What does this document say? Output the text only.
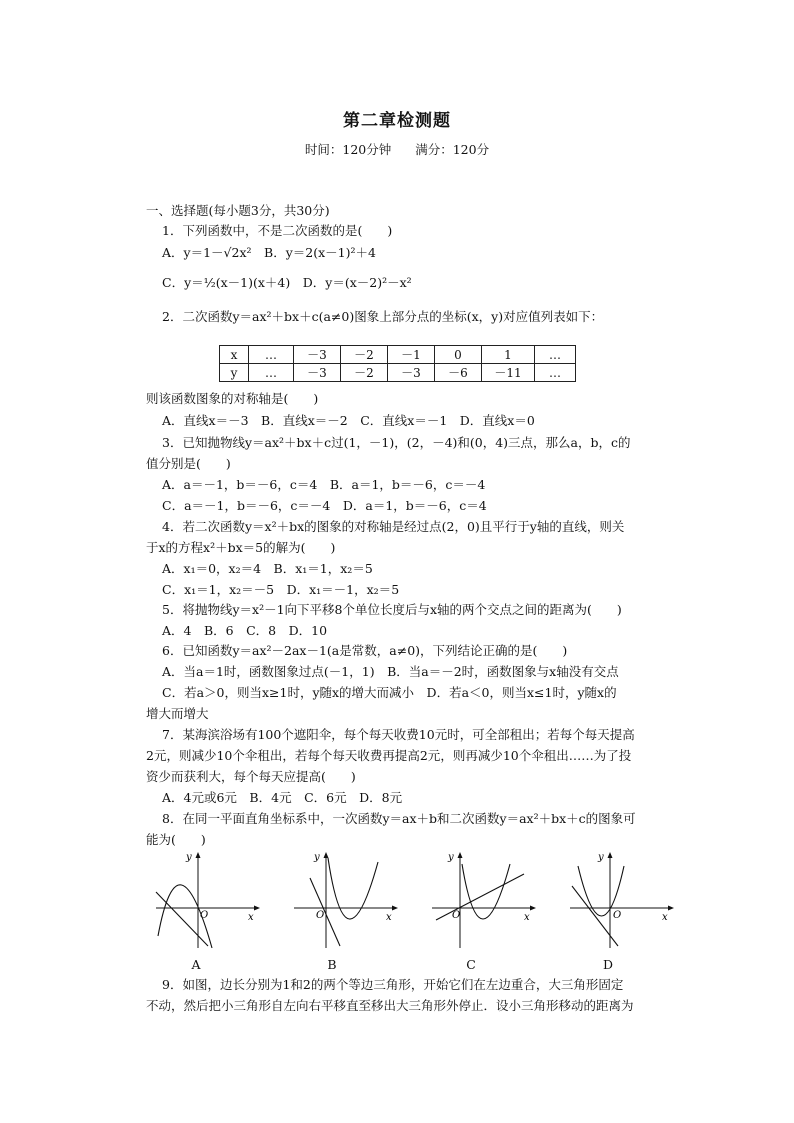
第二章检测题
时间：120分钟 满分：120分
一、选择题(每小题3分，共30分)
1．下列函数中，不是二次函数的是(　　)
A．y＝1－√2x²　B．y＝2(x－1)²＋4
C．y＝½(x－1)(x＋4)　D．y＝(x－2)²－x²
2．二次函数y＝ax²＋bx＋c(a≠0)图象上部分点的坐标(x，y)对应值列表如下：
x	…	－3	－2	－1	0	1	…
y	…	－3	－2	－3	－6	－11	…
则该函数图象的对称轴是(　　)
A．直线x＝－3　B．直线x＝－2　C．直线x＝－1　D．直线x＝0
3．已知抛物线y＝ax²＋bx＋c过(1，－1)，(2，－4)和(0，4)三点，那么a，b，c的
值分别是(　　)
A．a＝－1，b＝－6，c＝4　B．a＝1，b＝－6，c＝－4
C．a＝－1，b＝－6，c＝－4　D．a＝1，b＝－6，c＝4
4．若二次函数y＝x²＋bx的图象的对称轴是经过点(2，0)且平行于y轴的直线，则关
于x的方程x²＋bx＝5的解为(　　)
A．x₁＝0，x₂＝4　B．x₁＝1，x₂＝5
C．x₁＝1，x₂＝－5　D．x₁＝－1，x₂＝5
5．将抛物线y＝x²－1向下平移8个单位长度后与x轴的两个交点之间的距离为(　　)
A．4　B．6　C．8　D．10
6．已知函数y＝ax²－2ax－1(a是常数，a≠0)，下列结论正确的是(　　)
A．当a＝1时，函数图象过点(－1，1)　B．当a＝－2时，函数图象与x轴没有交点
C．若a＞0，则当x≥1时，y随x的增大而减小　D．若a＜0，则当x≤1时，y随x的
增大而增大
7．某海滨浴场有100个遮阳伞，每个每天收费10元时，可全部租出；若每个每天提高
2元，则减少10个伞租出，若每个每天收费再提高2元，则再减少10个伞租出……为了投
资少而获利大，每个每天应提高(　　)
A．4元或6元　B．4元　C．6元　D．8元
8．在同一平面直角坐标系中，一次函数y＝ax＋b和二次函数y＝ax²＋bx＋c的图象可
能为(　　)
x
y
O
A
x
y
O
B
x
y
O
C
x
y
O
D
9．如图，边长分别为1和2的两个等边三角形，开始它们在左边重合，大三角形固定
不动，然后把小三角形自左向右平移直至移出大三角形外停止．设小三角形移动的距离为
